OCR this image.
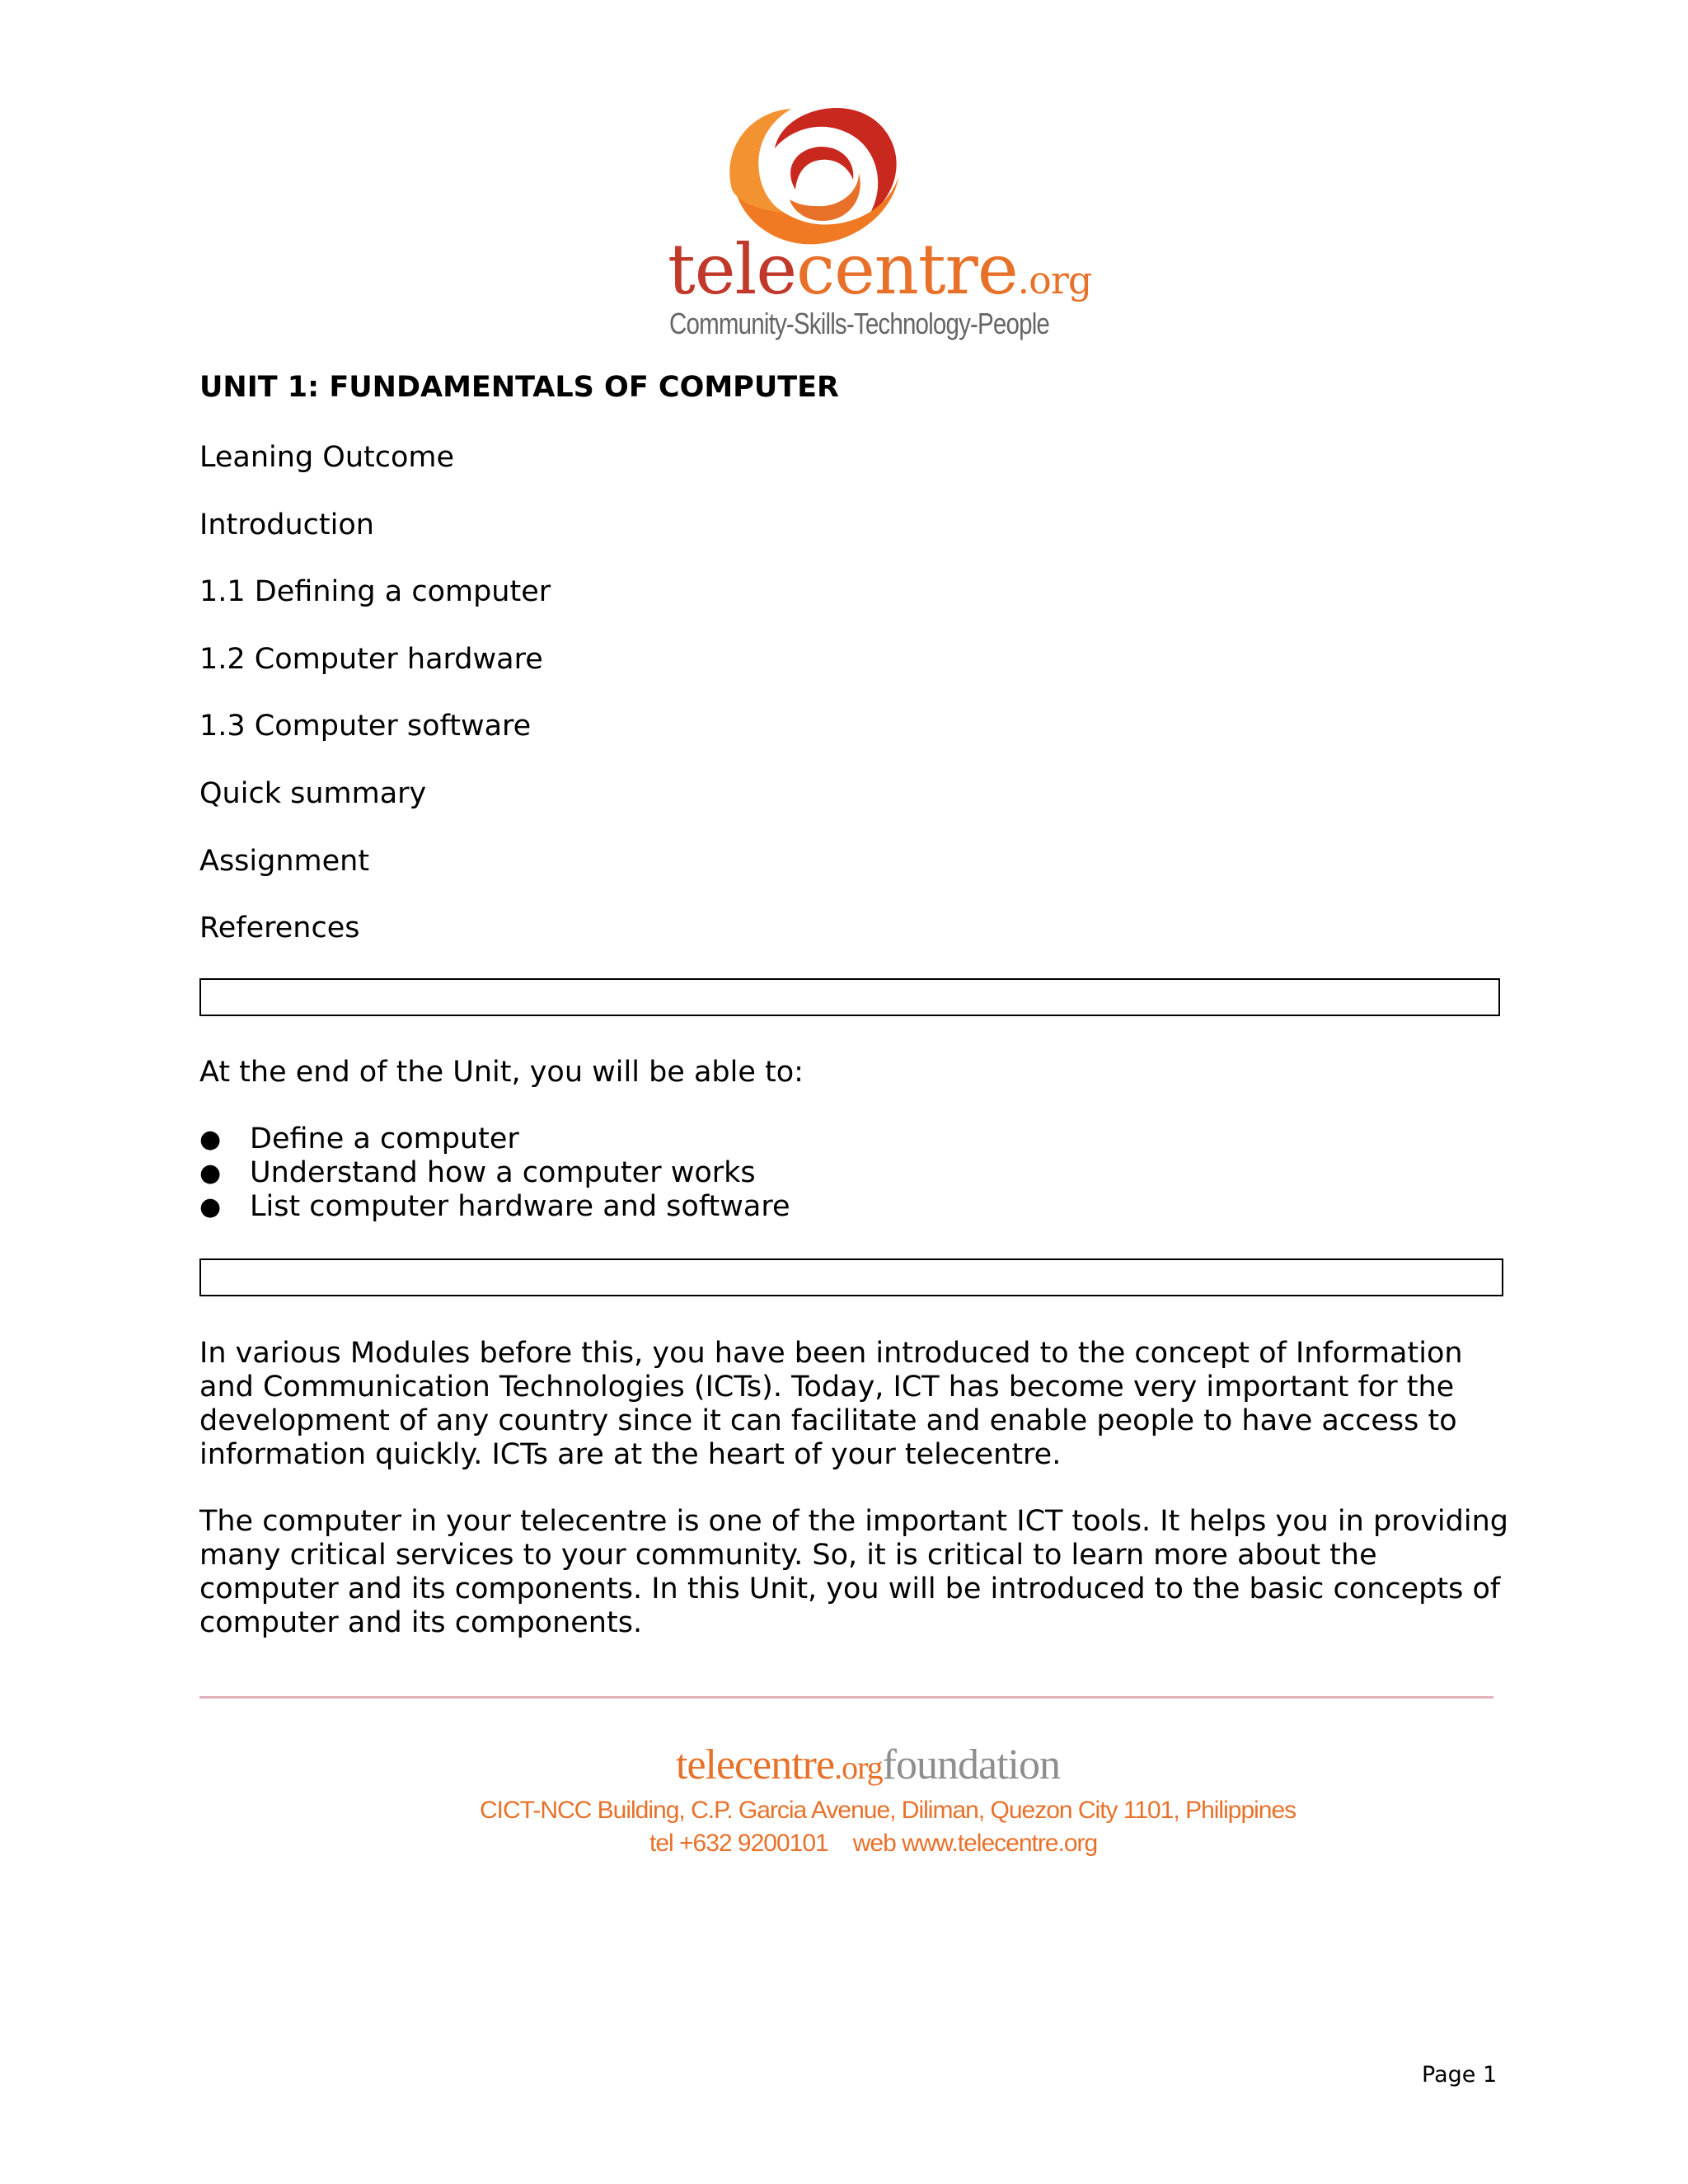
telecentre.org
Community-Skills-Technology-People
UNIT 1: FUNDAMENTALS OF COMPUTER
Leaning Outcome
Introduction
1.1 Defining a computer
1.2 Computer hardware
1.3 Computer software
Quick summary
Assignment
References
At the end of the Unit, you will be able to:
● Define a computer
● Understand how a computer works
● List computer hardware and software

In various Modules before this, you have been introduced to the concept of Information and Communication Technologies (ICTs). Today, ICT has become very important for the development of any country since it can facilitate and enable people to have access to information quickly. ICTs are at the heart of your telecentre.

The computer in your telecentre is one of the important ICT tools. It helps you in providing many critical services to your community. So, it is critical to learn more about the computer and its components. In this Unit, you will be introduced to the basic concepts of computer and its components.

telecentre.orgfoundation
CICT-NCC Building, C.P. Garcia Avenue, Diliman, Quezon City 1101, Philippines
tel +632 9200101 web www.telecentre.org
Page 1
